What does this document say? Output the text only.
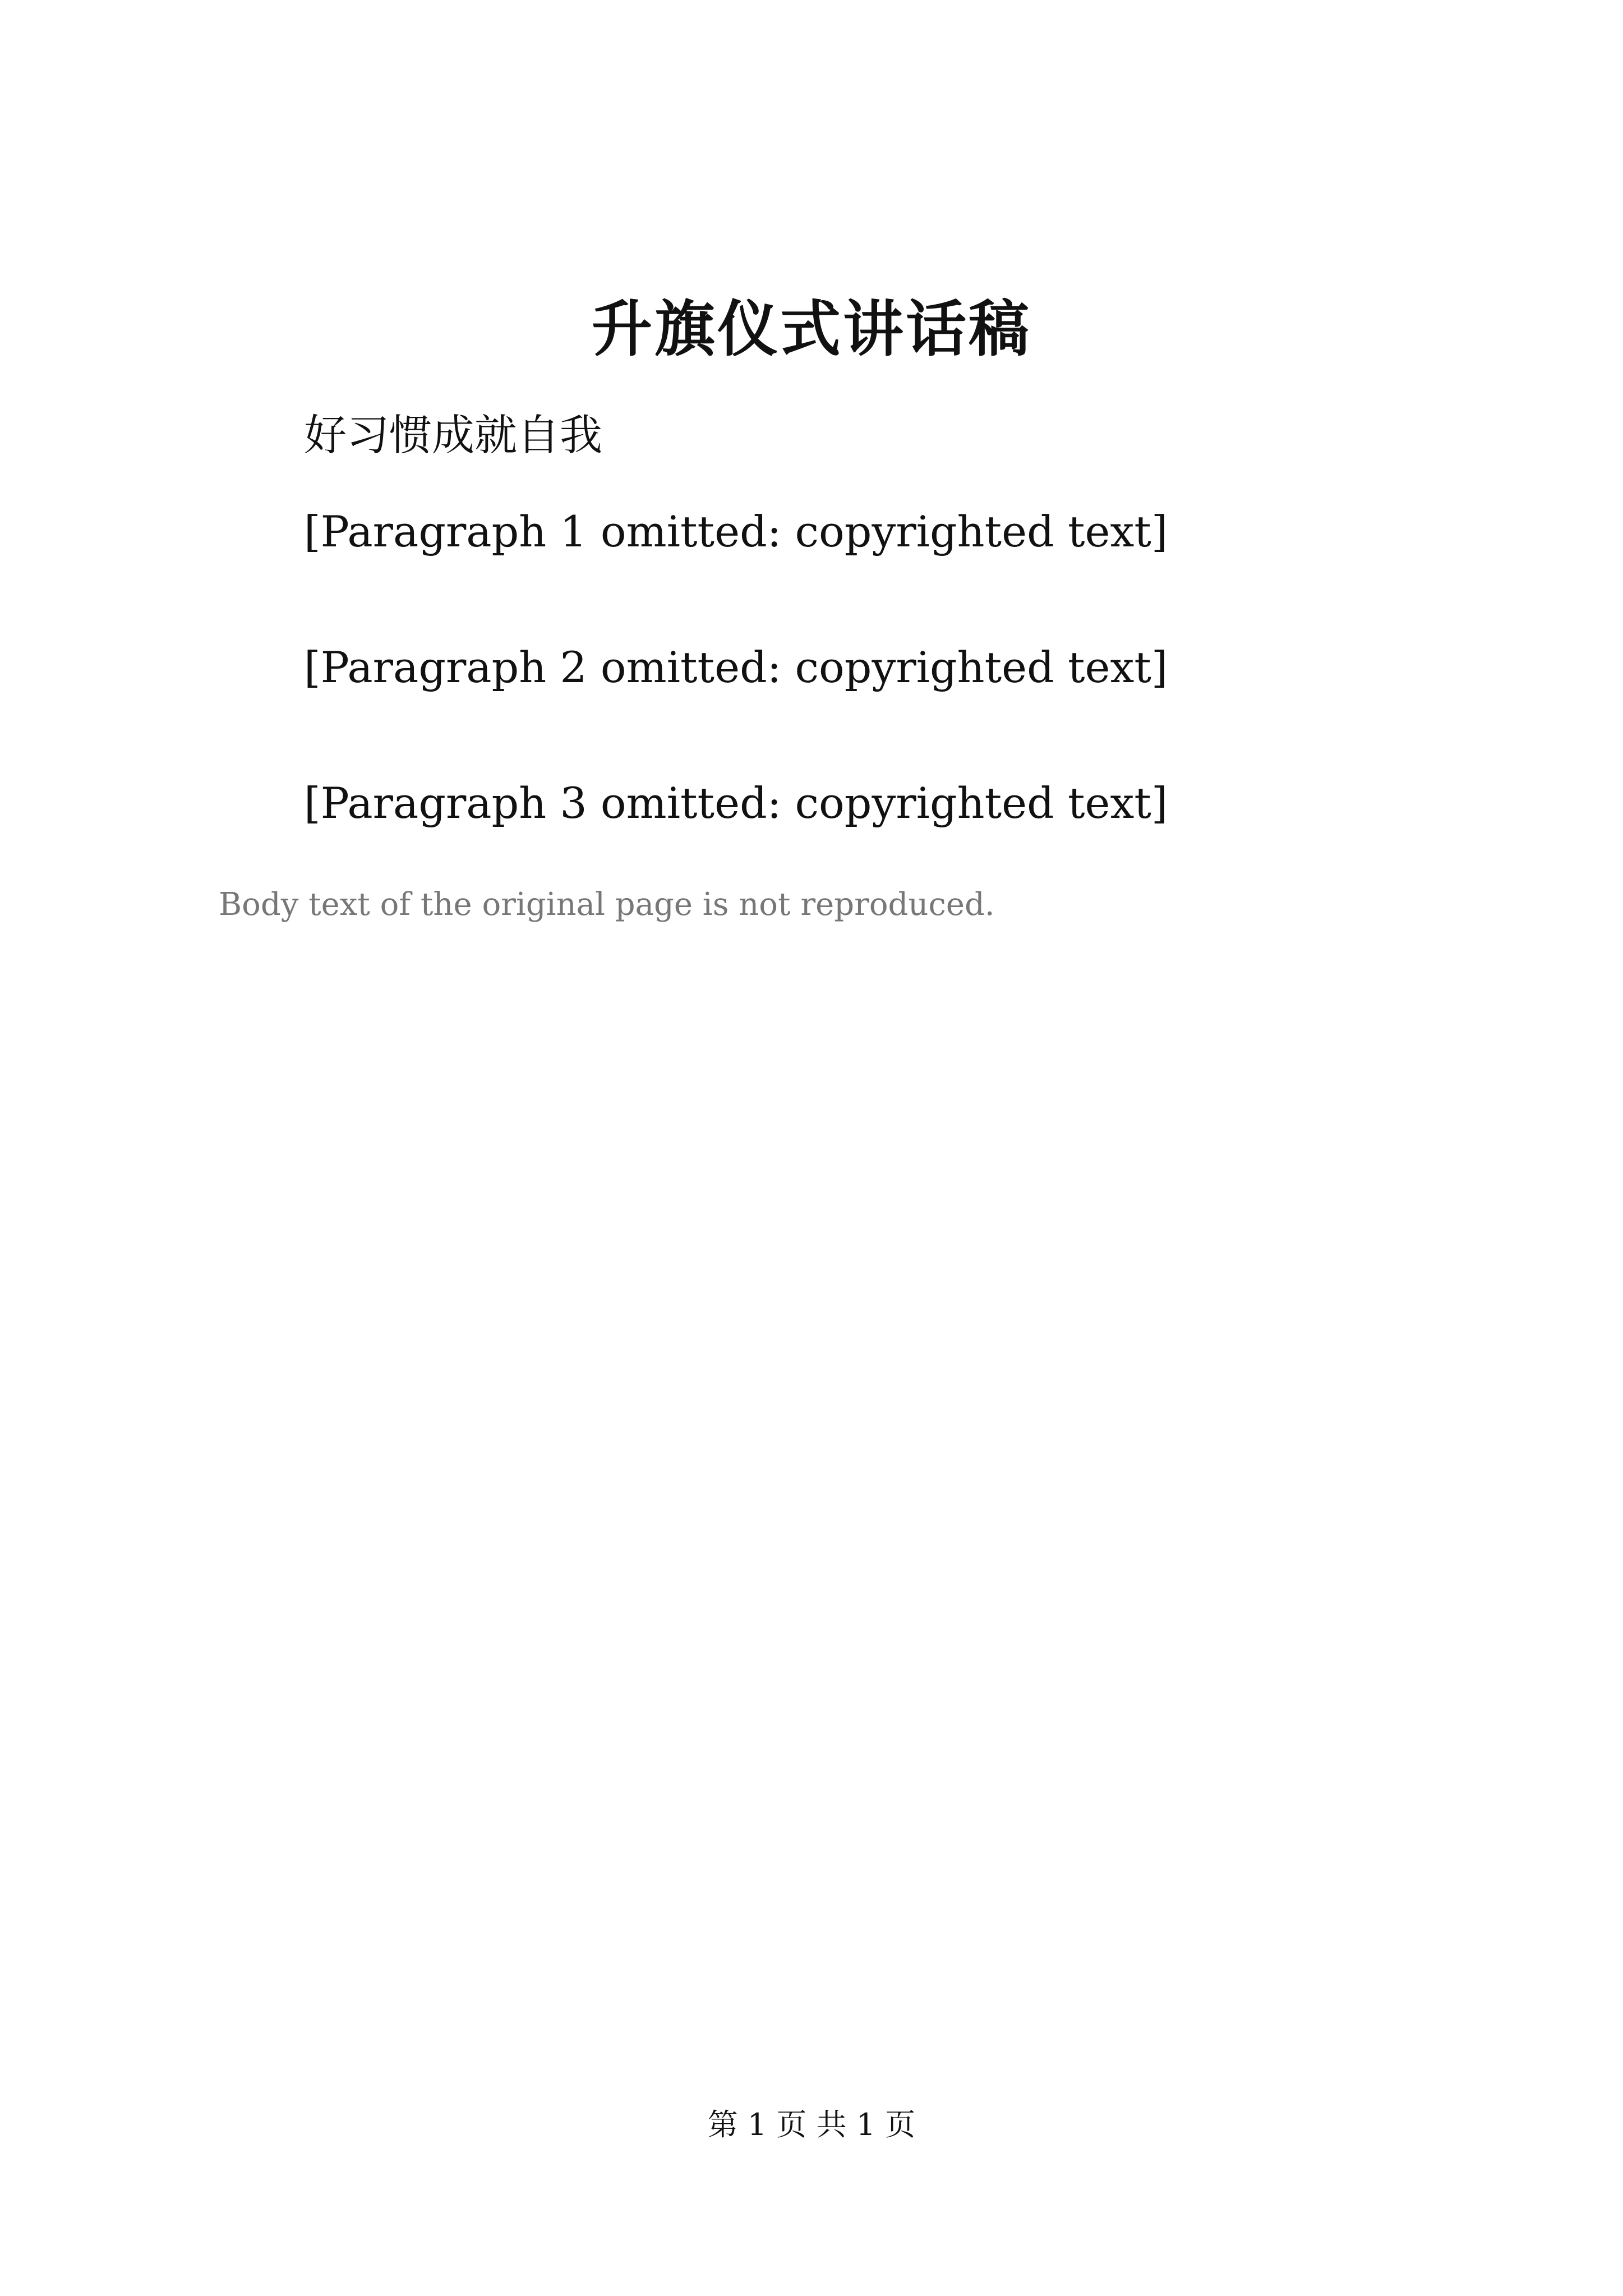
升旗仪式讲话稿

好习惯成就自我

[Paragraph 1 omitted: copyrighted text]

[Paragraph 2 omitted: copyrighted text]

[Paragraph 3 omitted: copyrighted text]

Body text of the original page is not reproduced.
第 1 页 共 1 页
